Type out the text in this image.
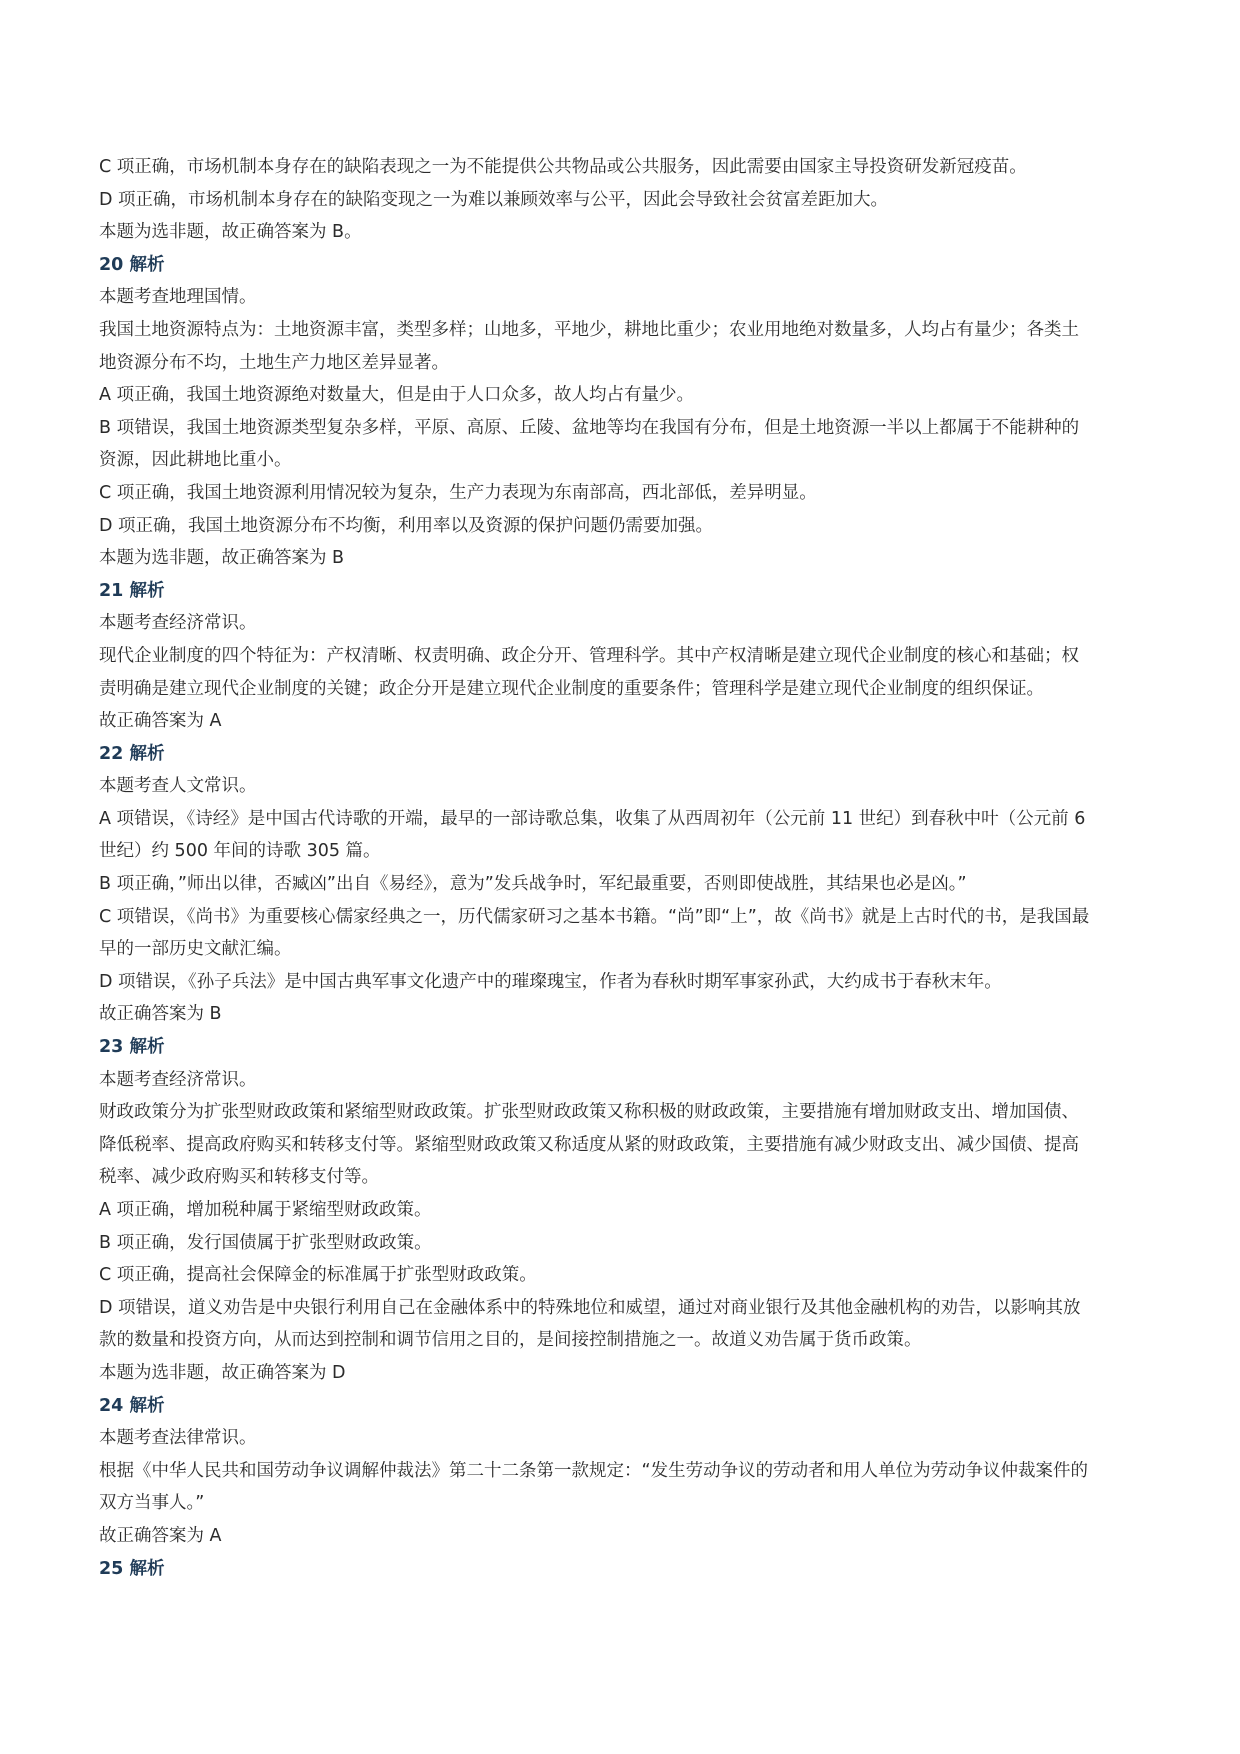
C 项正确，市场机制本身存在的缺陷表现之一为不能提供公共物品或公共服务，因此需要由国家主导投资研发新冠疫苗。
D 项正确，市场机制本身存在的缺陷变现之一为难以兼顾效率与公平，因此会导致社会贫富差距加大。
本题为选非题，故正确答案为 B。
20 解析
本题考查地理国情。
我国土地资源特点为：土地资源丰富，类型多样；山地多，平地少，耕地比重少；农业用地绝对数量多，人均占有量少；各类土
地资源分布不均，土地生产力地区差异显著。
A 项正确，我国土地资源绝对数量大，但是由于人口众多，故人均占有量少。
B 项错误，我国土地资源类型复杂多样，平原、高原、丘陵、盆地等均在我国有分布，但是土地资源一半以上都属于不能耕种的
资源，因此耕地比重小。
C 项正确，我国土地资源利用情况较为复杂，生产力表现为东南部高，西北部低，差异明显。
D 项正确，我国土地资源分布不均衡，利用率以及资源的保护问题仍需要加强。
本题为选非题，故正确答案为 B
21 解析
本题考查经济常识。
现代企业制度的四个特征为：产权清晰、权责明确、政企分开、管理科学。其中产权清晰是建立现代企业制度的核心和基础；权
责明确是建立现代企业制度的关键；政企分开是建立现代企业制度的重要条件；管理科学是建立现代企业制度的组织保证。
故正确答案为 A
22 解析
本题考查人文常识。
A 项错误，《诗经》是中国古代诗歌的开端，最早的一部诗歌总集，收集了从西周初年（公元前 11 世纪）到春秋中叶（公元前 6
世纪）约 500 年间的诗歌 305 篇。
B 项正确，”师出以律，否臧凶”出自《易经》，意为”发兵战争时，军纪最重要，否则即使战胜，其结果也必是凶。”
C 项错误，《尚书》为重要核心儒家经典之一，历代儒家研习之基本书籍。“尚”即“上”，故《尚书》就是上古时代的书，是我国最
早的一部历史文献汇编。
D 项错误，《孙子兵法》是中国古典军事文化遗产中的璀璨瑰宝，作者为春秋时期军事家孙武，大约成书于春秋末年。
故正确答案为 B
23 解析
本题考查经济常识。
财政政策分为扩张型财政政策和紧缩型财政政策。扩张型财政政策又称积极的财政政策，主要措施有增加财政支出、增加国债、
降低税率、提高政府购买和转移支付等。紧缩型财政政策又称适度从紧的财政政策，主要措施有减少财政支出、减少国债、提高
税率、减少政府购买和转移支付等。
A 项正确，增加税种属于紧缩型财政政策。
B 项正确，发行国债属于扩张型财政政策。
C 项正确，提高社会保障金的标准属于扩张型财政政策。
D 项错误，道义劝告是中央银行利用自己在金融体系中的特殊地位和威望，通过对商业银行及其他金融机构的劝告，以影响其放
款的数量和投资方向，从而达到控制和调节信用之目的，是间接控制措施之一。故道义劝告属于货币政策。
本题为选非题，故正确答案为 D
24 解析
本题考查法律常识。
根据《中华人民共和国劳动争议调解仲裁法》第二十二条第一款规定：“发生劳动争议的劳动者和用人单位为劳动争议仲裁案件的
双方当事人。”
故正确答案为 A
25 解析
